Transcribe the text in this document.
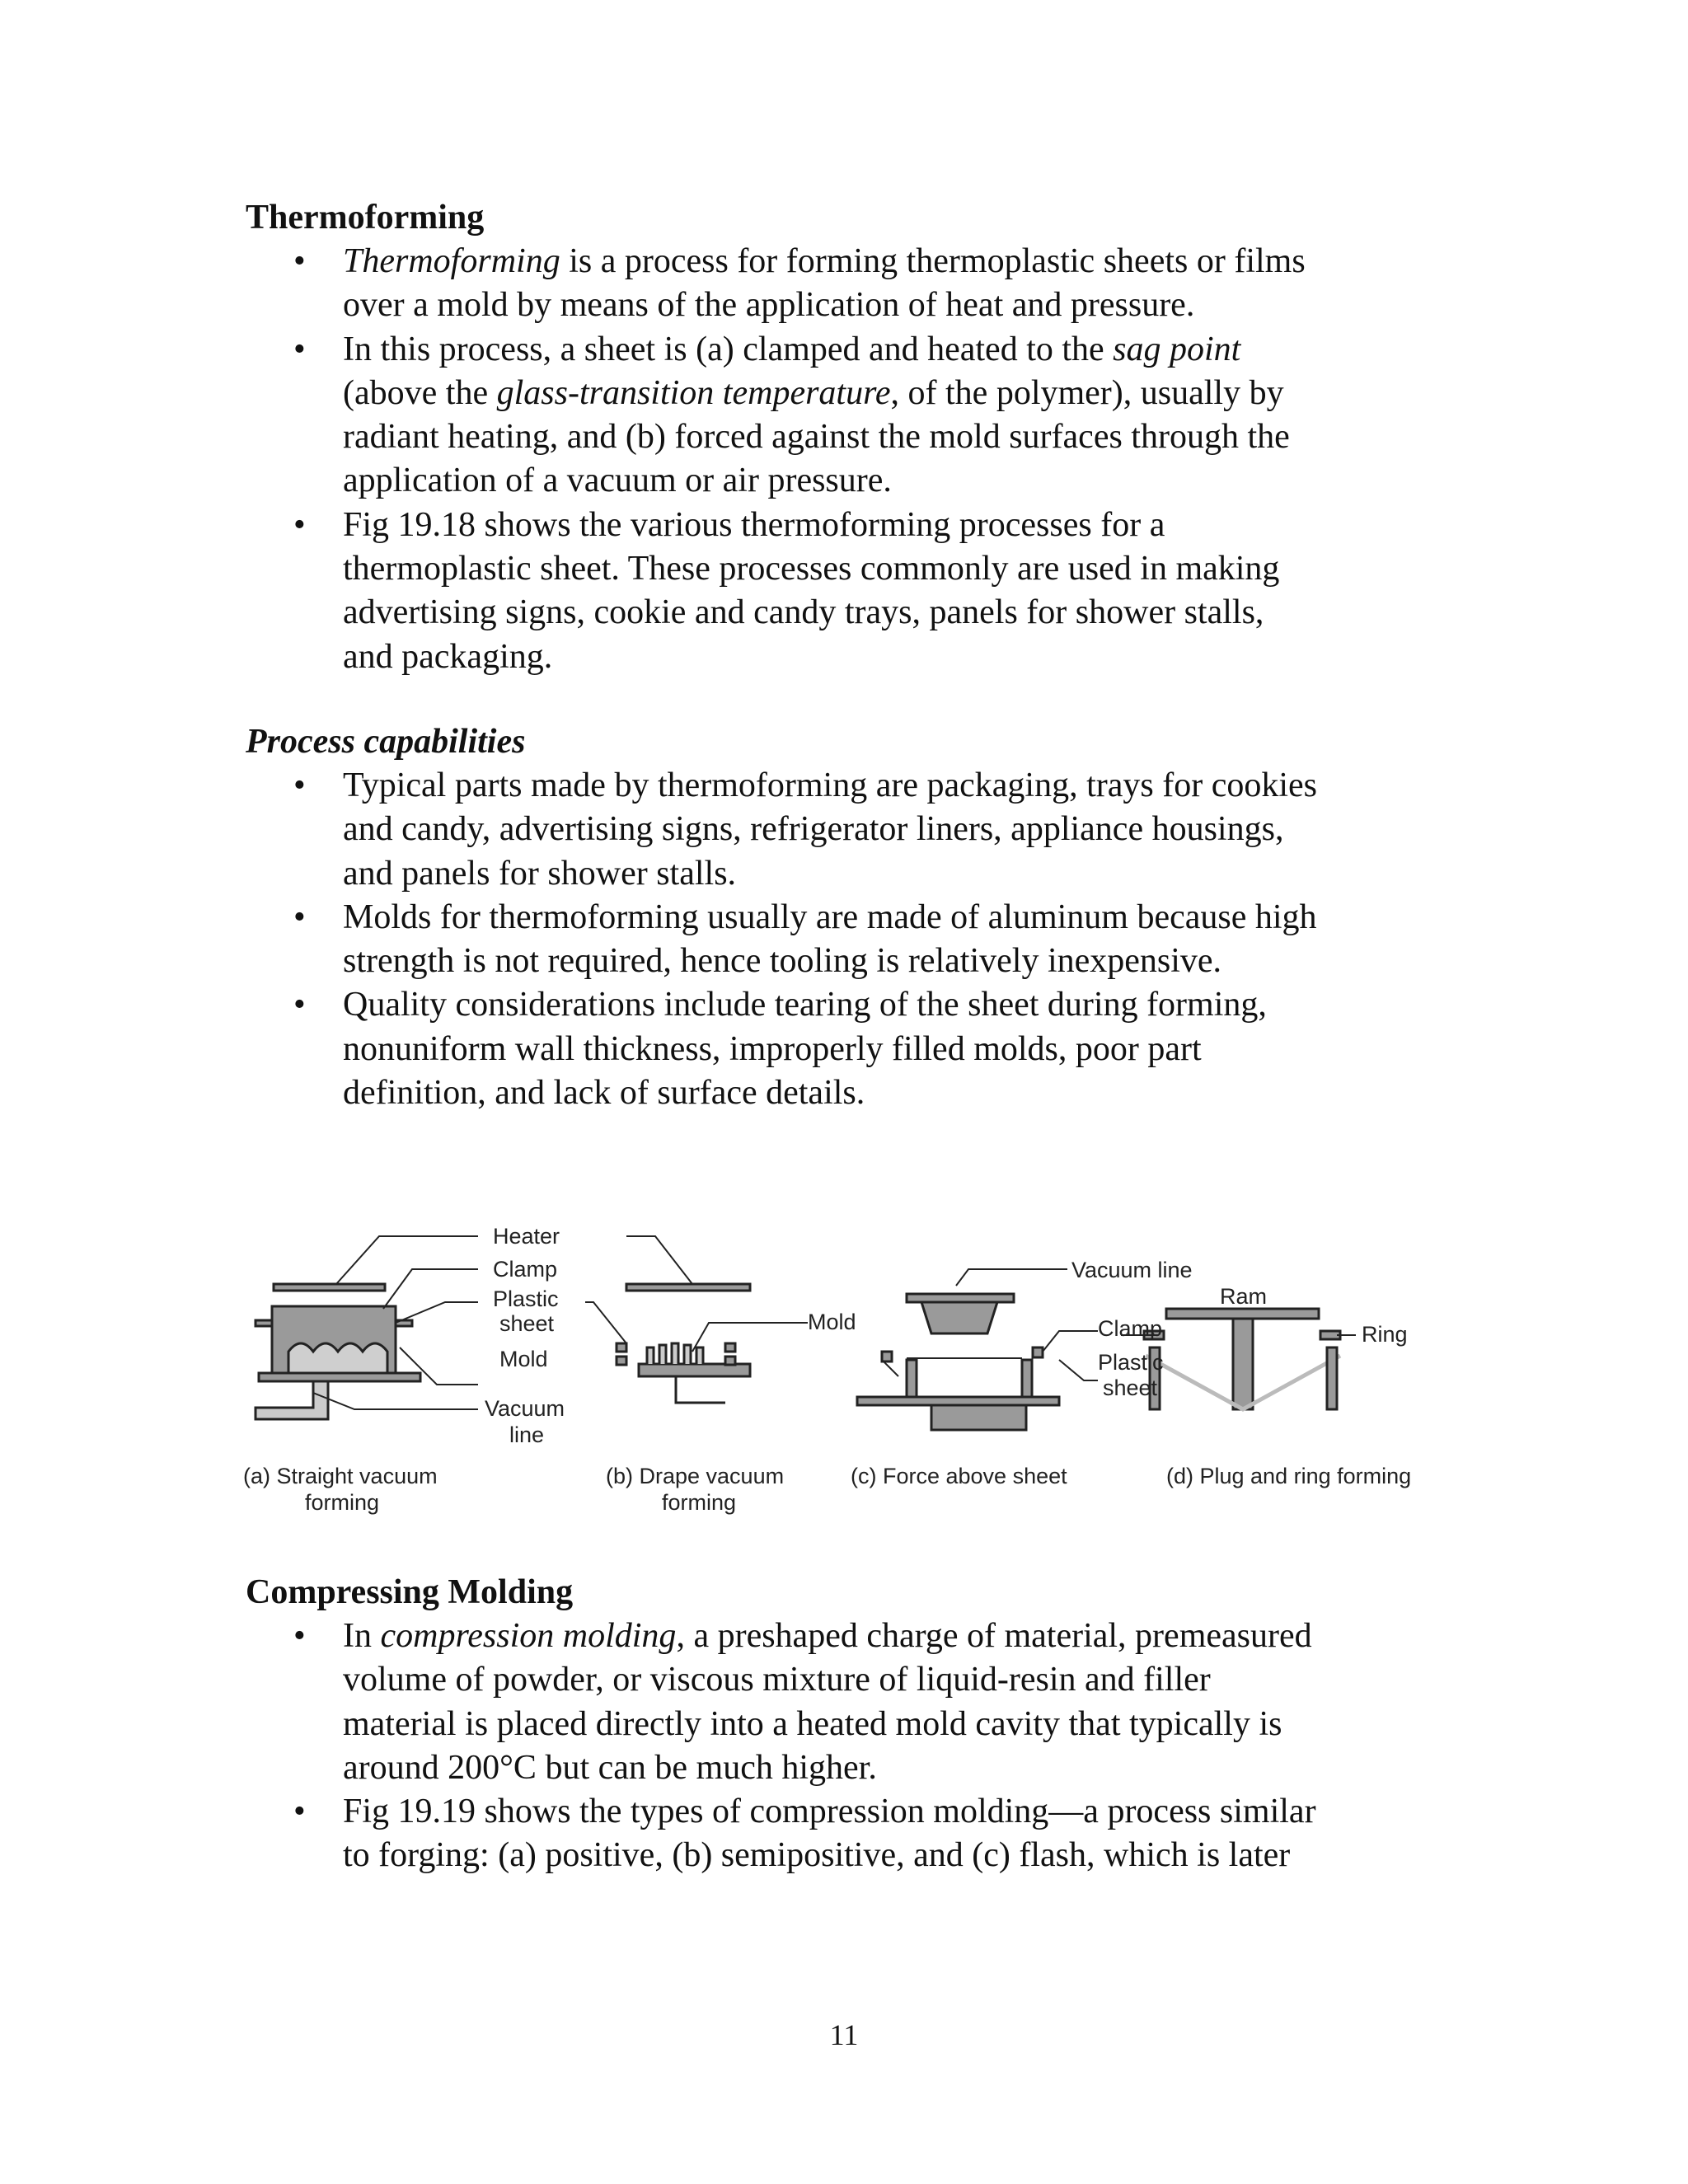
Thermoforming
• Thermoforming is a process for forming thermoplastic sheets or films
over a mold by means of the application of heat and pressure.
• In this process, a sheet is (a) clamped and heated to the sag point
(above the glass-transition temperature, of the polymer), usually by
radiant heating, and (b) forced against the mold surfaces through the
application of a vacuum or air pressure.
• Fig 19.18 shows the various thermoforming processes for a
thermoplastic sheet. These processes commonly are used in making
advertising signs, cookie and candy trays, panels for shower stalls,
and packaging.
Process capabilities
• Typical parts made by thermoforming are packaging, trays for cookies
and candy, advertising signs, refrigerator liners, appliance housings,
and panels for shower stalls.
• Molds for thermoforming usually are made of aluminum because high
strength is not required, hence tooling is relatively inexpensive.
• Quality considerations include tearing of the sheet during forming,
nonuniform wall thickness, improperly filled molds, poor part
definition, and lack of surface details.
Heater
Clamp
Plastic
sheet
Mold
Vacuum
line
Mold
Vacuum line
Ram
Clamp
Plastic
sheet
Ring
(a) Straight vacuum
forming
(b) Drape vacuum
forming
(c) Force above sheet	(d) Plug and ring forming
Compressing Molding
• In compression molding, a preshaped charge of material, premeasured
volume of powder, or viscous mixture of liquid-resin and filler
material is placed directly into a heated mold cavity that typically is
around 200°C but can be much higher.
• Fig 19.19 shows the types of compression molding—a process similar
to forging: (a) positive, (b) semipositive, and (c) flash, which is later
11
